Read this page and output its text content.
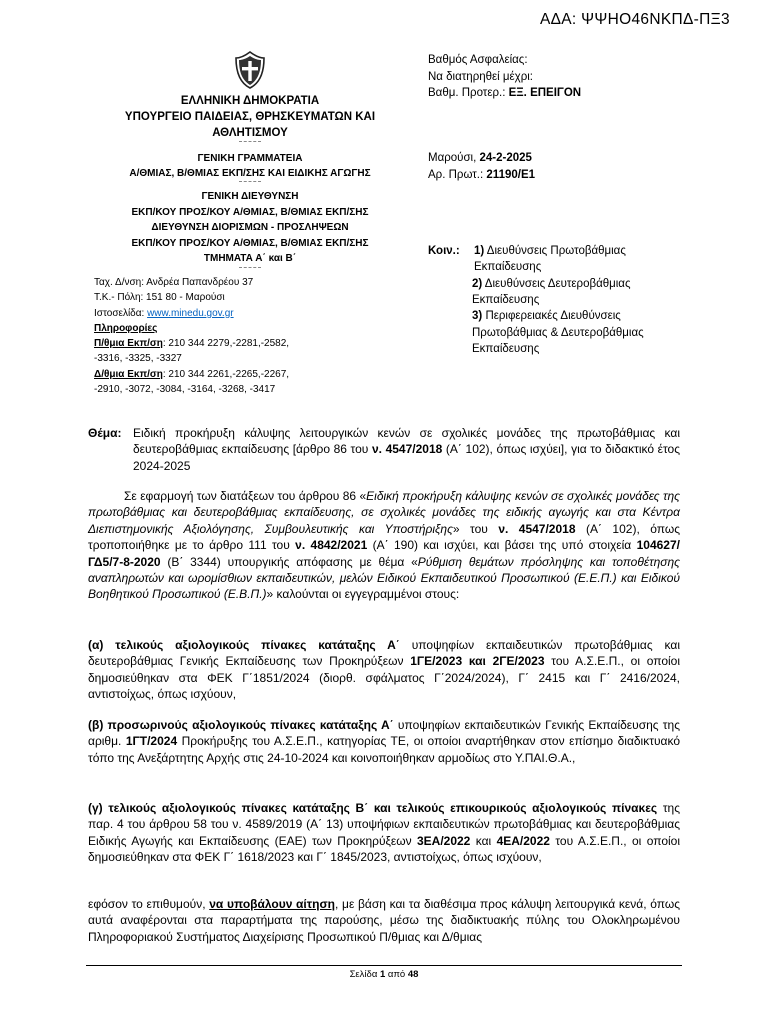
ΑΔΑ: ΨΨΗΟ46ΝΚΠΔ-ΠΞ3
ΕΛΛΗΝΙΚΗ ΔΗΜΟΚΡΑΤΙΑ
ΥΠΟΥΡΓΕΙΟ ΠΑΙΔΕΙΑΣ, ΘΡΗΣΚΕΥΜΑΤΩΝ ΚΑΙ
ΑΘΛΗΤΙΣΜΟΥ
ΓΕΝΙΚΗ ΓΡΑΜΜΑΤΕΙΑ
Α/ΘΜΙΑΣ, Β/ΘΜΙΑΣ ΕΚΠ/ΣΗΣ ΚΑΙ ΕΙΔΙΚΗΣ ΑΓΩΓΗΣ
ΓΕΝΙΚΗ ΔΙΕΥΘΥΝΣΗ
ΕΚΠ/ΚΟΥ ΠΡΟΣ/ΚΟΥ Α/ΘΜΙΑΣ, Β/ΘΜΙΑΣ ΕΚΠ/ΣΗΣ
ΔΙΕΥΘΥΝΣΗ ΔΙΟΡΙΣΜΩΝ - ΠΡΟΣΛΗΨΕΩΝ
ΕΚΠ/ΚΟΥ ΠΡΟΣ/ΚΟΥ Α/ΘΜΙΑΣ, Β/ΘΜΙΑΣ ΕΚΠ/ΣΗΣ
ΤΜΗΜΑΤΑ Α΄ και Β΄
Ταχ. Δ/νση: Ανδρέα Παπανδρέου 37
Τ.Κ.- Πόλη: 151 80 - Μαρούσι
Ιστοσελίδα: www.minedu.gov.gr
Πληροφορίες
Π/θμια Εκπ/ση: 210 344 2279,-2281,-2582,
-3316, -3325, -3327
Δ/θμια Εκπ/ση: 210 344 2261,-2265,-2267,
-2910, -3072, -3084, -3164, -3268, -3417
Βαθμός Ασφαλείας:
Να διατηρηθεί μέχρι:
Βαθμ. Προτερ.: ΕΞ. ΕΠΕΙΓΟΝ
Μαρούσι, 24-2-2025
Αρ. Πρωτ.: 21190/Ε1
Κοιν.: 1) Διευθύνσεις Πρωτοβάθμιας
Εκπαίδευσης
2) Διευθύνσεις Δευτεροβάθμιας
Εκπαίδευσης
3) Περιφερειακές Διευθύνσεις
Πρωτοβάθμιας & Δευτεροβάθμιας
Εκπαίδευσης
Θέμα: Ειδική προκήρυξη κάλυψης λειτουργικών κενών σε σχολικές μονάδες της πρωτοβάθμιας και δευτεροβάθμιας εκπαίδευσης [άρθρο 86 του ν. 4547/2018 (Α΄ 102), όπως ισχύει], για το διδακτικό έτος 2024-2025
Σε εφαρμογή των διατάξεων του άρθρου 86 «Ειδική προκήρυξη κάλυψης κενών σε σχολικές μονάδες της πρωτοβάθμιας και δευτεροβάθμιας εκπαίδευσης, σε σχολικές μονάδες της ειδικής αγωγής και στα Κέντρα Διεπιστημονικής Αξιολόγησης, Συμβουλευτικής και Υποστήριξης» του ν. 4547/2018 (Α΄ 102), όπως τροποποιήθηκε με το άρθρο 111 του ν. 4842/2021 (Α΄ 190) και ισχύει, και βάσει της υπό στοιχεία 104627/ΓΔ5/7-8-2020 (Β΄ 3344) υπουργικής απόφασης με θέμα «Ρύθμιση θεμάτων πρόσληψης και τοποθέτησης αναπληρωτών και ωρομίσθιων εκπαιδευτικών, μελών Ειδικού Εκπαιδευτικού Προσωπικού (Ε.Ε.Π.) και Ειδικού Βοηθητικού Προσωπικού (Ε.Β.Π.)» καλούνται οι εγγεγραμμένοι στους:
(α) τελικούς αξιολογικούς πίνακες κατάταξης Α΄ υποψηφίων εκπαιδευτικών πρωτοβάθμιας και δευτεροβάθμιας Γενικής Εκπαίδευσης των Προκηρύξεων 1ΓΕ/2023 και 2ΓΕ/2023 του Α.Σ.Ε.Π., οι οποίοι δημοσιεύθηκαν στα ΦΕΚ Γ΄1851/2024 (διορθ. σφάλματος Γ΄2024/2024), Γ΄ 2415 και Γ΄ 2416/2024, αντιστοίχως, όπως ισχύουν,
(β) προσωρινούς αξιολογικούς πίνακες κατάταξης Α΄ υποψηφίων εκπαιδευτικών Γενικής Εκπαίδευσης της αριθμ. 1ΓΤ/2024 Προκήρυξης του Α.Σ.Ε.Π., κατηγορίας ΤΕ, οι οποίοι αναρτήθηκαν στον επίσημο διαδικτυακό τόπο της Ανεξάρτητης Αρχής στις 24-10-2024 και κοινοποιήθηκαν αρμοδίως στο Υ.ΠΑΙ.Θ.Α.,
(γ) τελικούς αξιολογικούς πίνακες κατάταξης Β΄ και τελικούς επικουρικούς αξιολογικούς πίνακες της παρ. 4 του άρθρου 58 του ν. 4589/2019 (Α΄ 13) υποψήφιων εκπαιδευτικών πρωτοβάθμιας και δευτεροβάθμιας Ειδικής Αγωγής και Εκπαίδευσης (ΕΑΕ) των Προκηρύξεων 3ΕΑ/2022 και 4ΕΑ/2022 του Α.Σ.Ε.Π., οι οποίοι δημοσιεύθηκαν στα ΦΕΚ Γ΄ 1618/2023 και Γ΄ 1845/2023, αντιστοίχως, όπως ισχύουν,
εφόσον το επιθυμούν, να υποβάλουν αίτηση, με βάση και τα διαθέσιμα προς κάλυψη λειτουργικά κενά, όπως αυτά αναφέρονται στα παραρτήματα της παρούσης, μέσω της διαδικτυακής πύλης του Ολοκληρωμένου Πληροφοριακού Συστήματος Διαχείρισης Προσωπικού Π/θμιας και Δ/θμιας
Σελίδα 1 από 48
